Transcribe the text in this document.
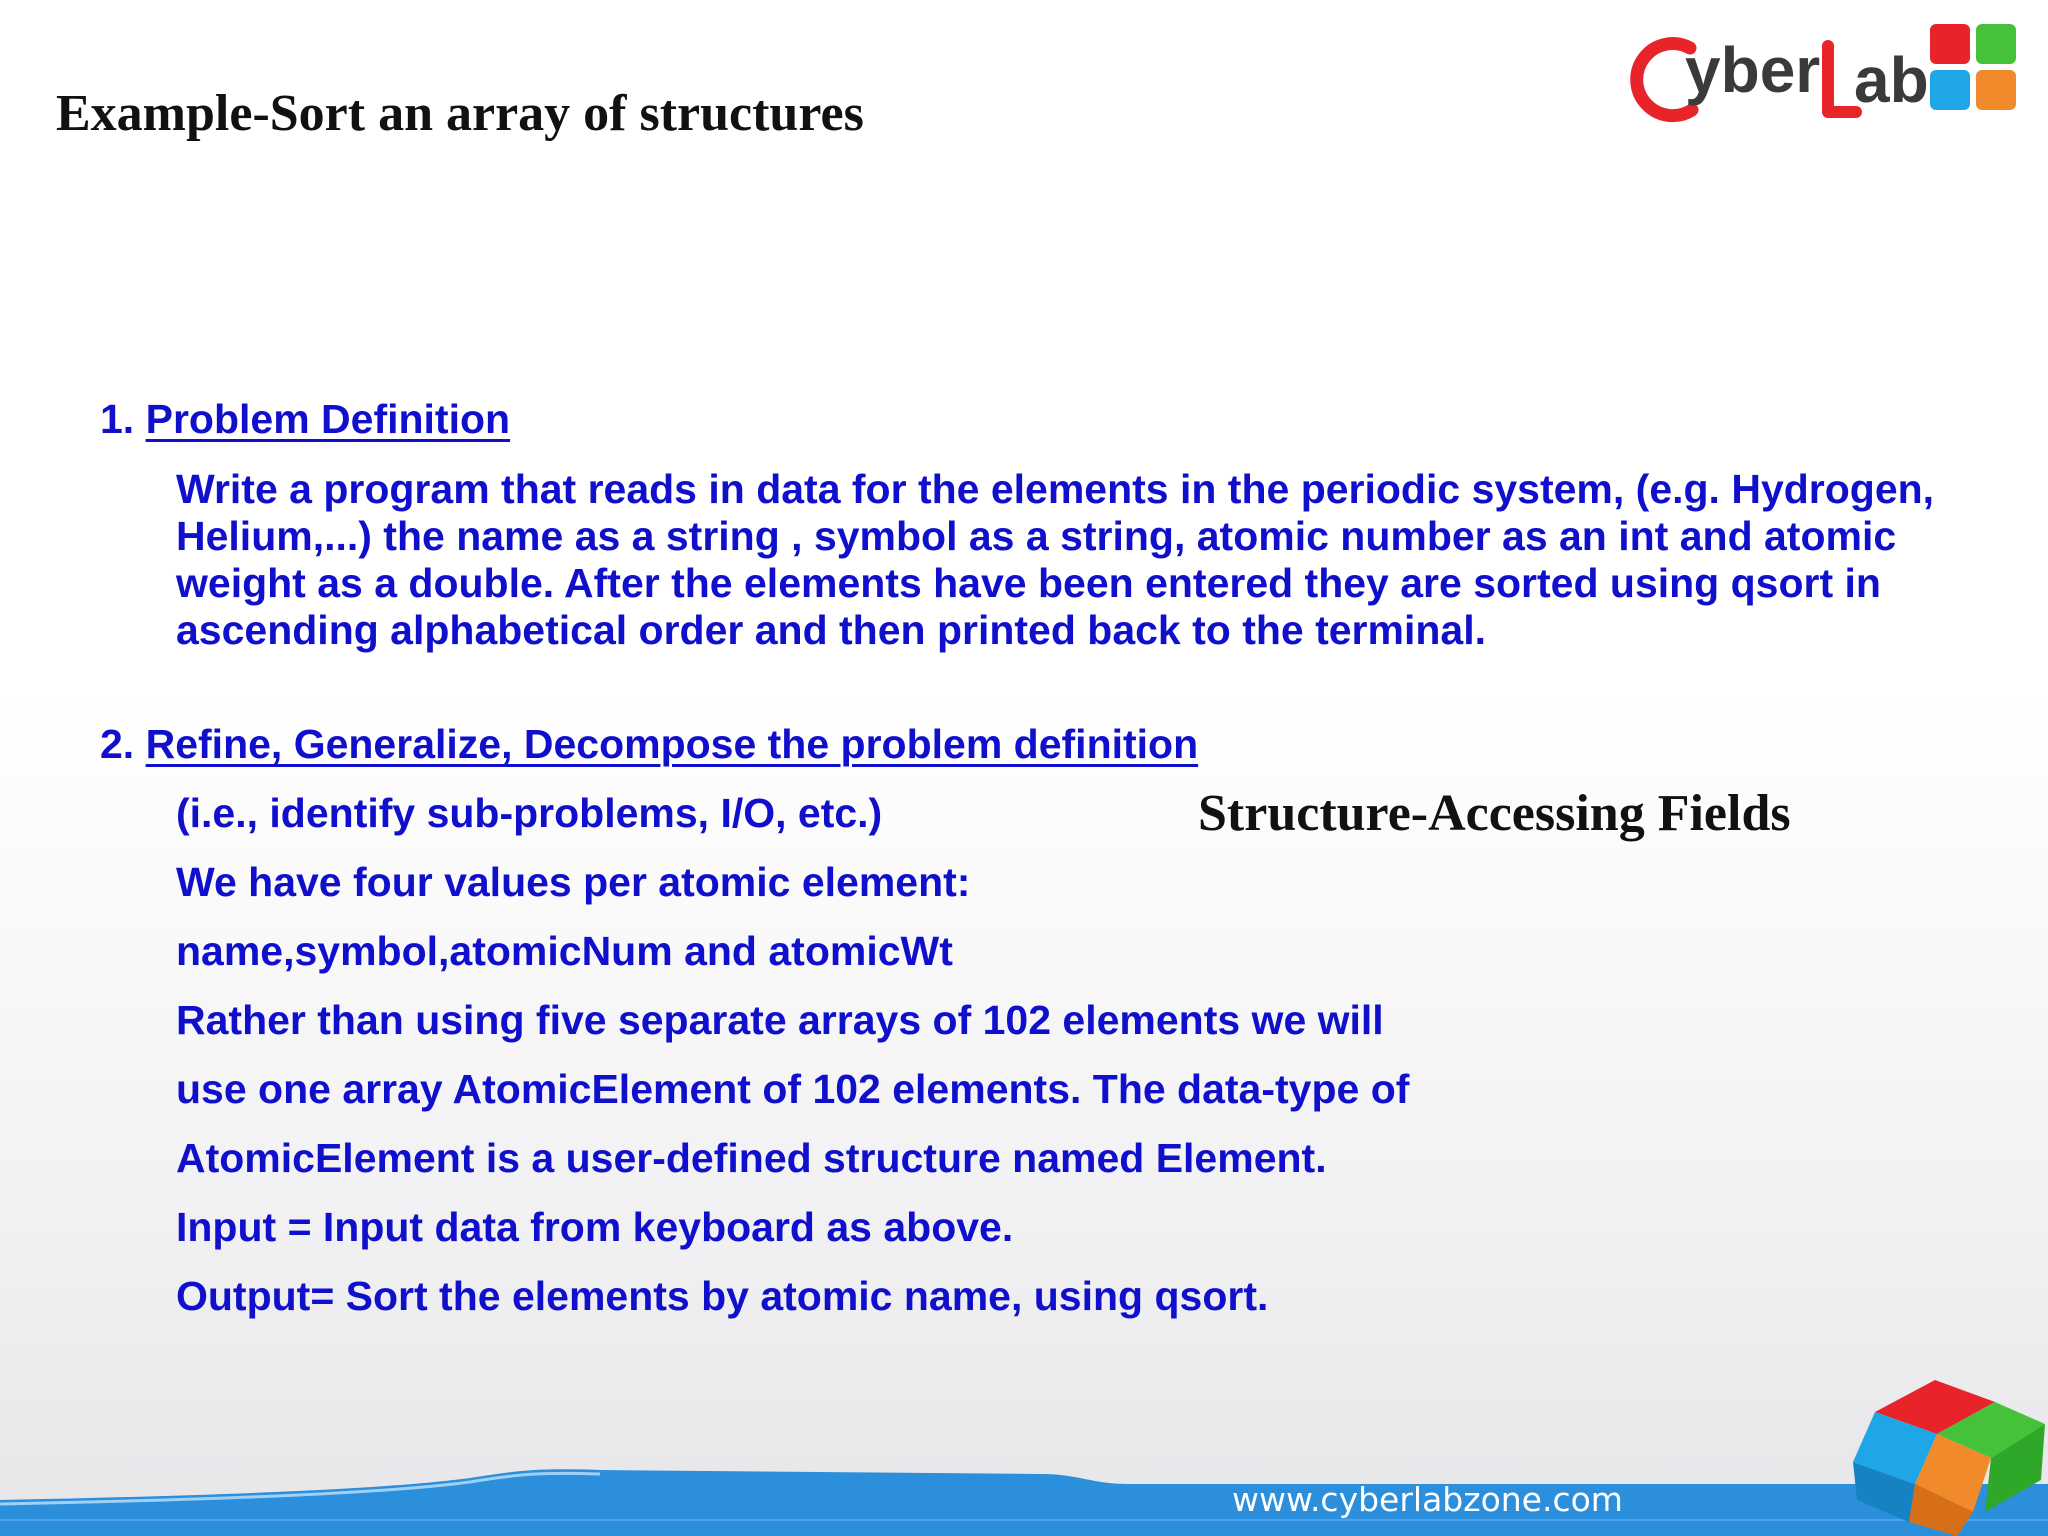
Example-Sort an array of structures
yber ab
1. Problem Definition
Write a program that reads in data for the elements in the periodic system, (e.g. Hydrogen, Helium,...) the name as a string , symbol as a string, atomic number as an int and atomic weight as a double. After the elements have been entered they are sorted using qsort in ascending alphabetical order and then printed back to the terminal.
2. Refine, Generalize, Decompose the problem definition
(i.e., identify sub-problems, I/O, etc.)
We have four values per atomic element:
name,symbol,atomicNum and atomicWt
Rather than using five separate arrays of 102 elements we will
use one array AtomicElement of 102 elements. The data-type of
AtomicElement is a user-defined structure named Element.
Input = Input data from keyboard as above.
Output= Sort the elements by atomic name, using qsort.
Structure-Accessing Fields
www.cyberlabzone.com
